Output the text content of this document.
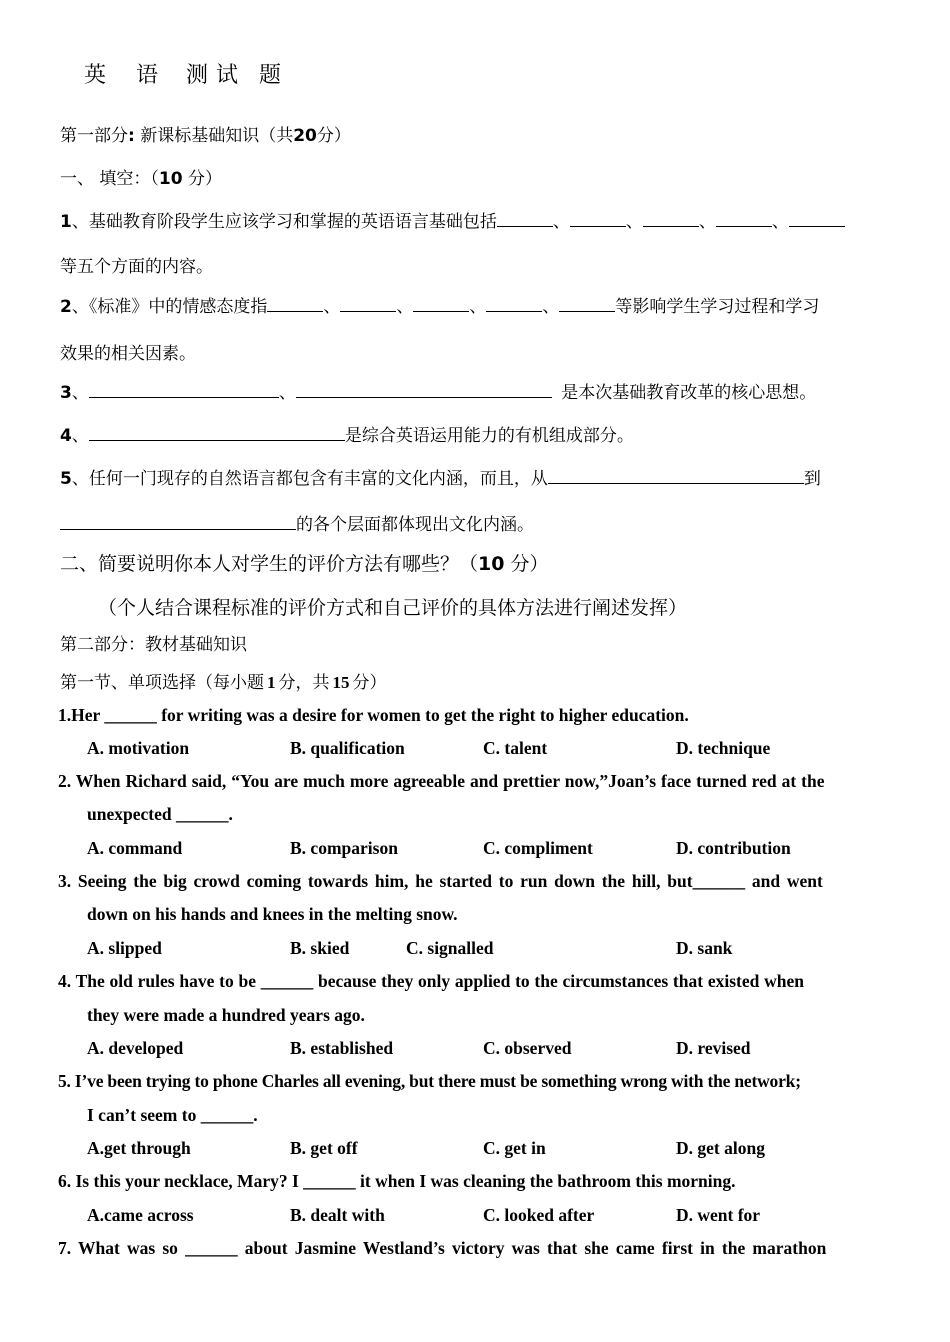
英 语 测 试 题
第一部分: 新课标基础知识（共20分）
一、 填空：（10 分）
1、基础教育阶段学生应该学习和掌握的英语语言基础包括	、	、	、	、
等五个方面的内容。
2、《标准》中的情感态度指	、	、	、	、	等影响学生学习过程和学习
效果的相关因素。
3、	、	是本次基础教育改革的核心思想。
4、	是综合英语运用能力的有机组成部分。
5、任何一门现存的自然语言都包含有丰富的文化内涵，而且，从	到
的各个层面都体现出文化内涵。
二、简要说明你本人对学生的评价方法有哪些？（10 分）
（个人结合课程标准的评价方式和自己评价的具体方法进行阐述发挥）
第二部分：教材基础知识
第一节、单项选择（每小题 1 分，共 15 分）
1.Her ______ for writing was a desire for women to get the right to higher education.
A. motivation	B. qualification	C. talent	D. technique
2. When Richard said, “You are much more agreeable and prettier now,”Joan’s face turned red at the
unexpected ______.
A. command	B. comparison	C. compliment	D. contribution
3. Seeing the big crowd coming towards him, he started to run down the hill, but______ and went
down on his hands and knees in the melting snow.
A. slipped	B. skied	C. signalled	D. sank
4. The old rules have to be ______ because they only applied to the circumstances that existed when
they were made a hundred years ago.
A. developed	B. established	C. observed	D. revised
5. I’ve been trying to phone Charles all evening, but there must be something wrong with the network;
I can’t seem to ______.
A.get through	B. get off	C. get in	D. get along
6. Is this your necklace, Mary? I ______ it when I was cleaning the bathroom this morning.
A.came across	B. dealt with	C. looked after	D. went for
7. What was so ______ about Jasmine Westland’s victory was that she came first in the marathon
